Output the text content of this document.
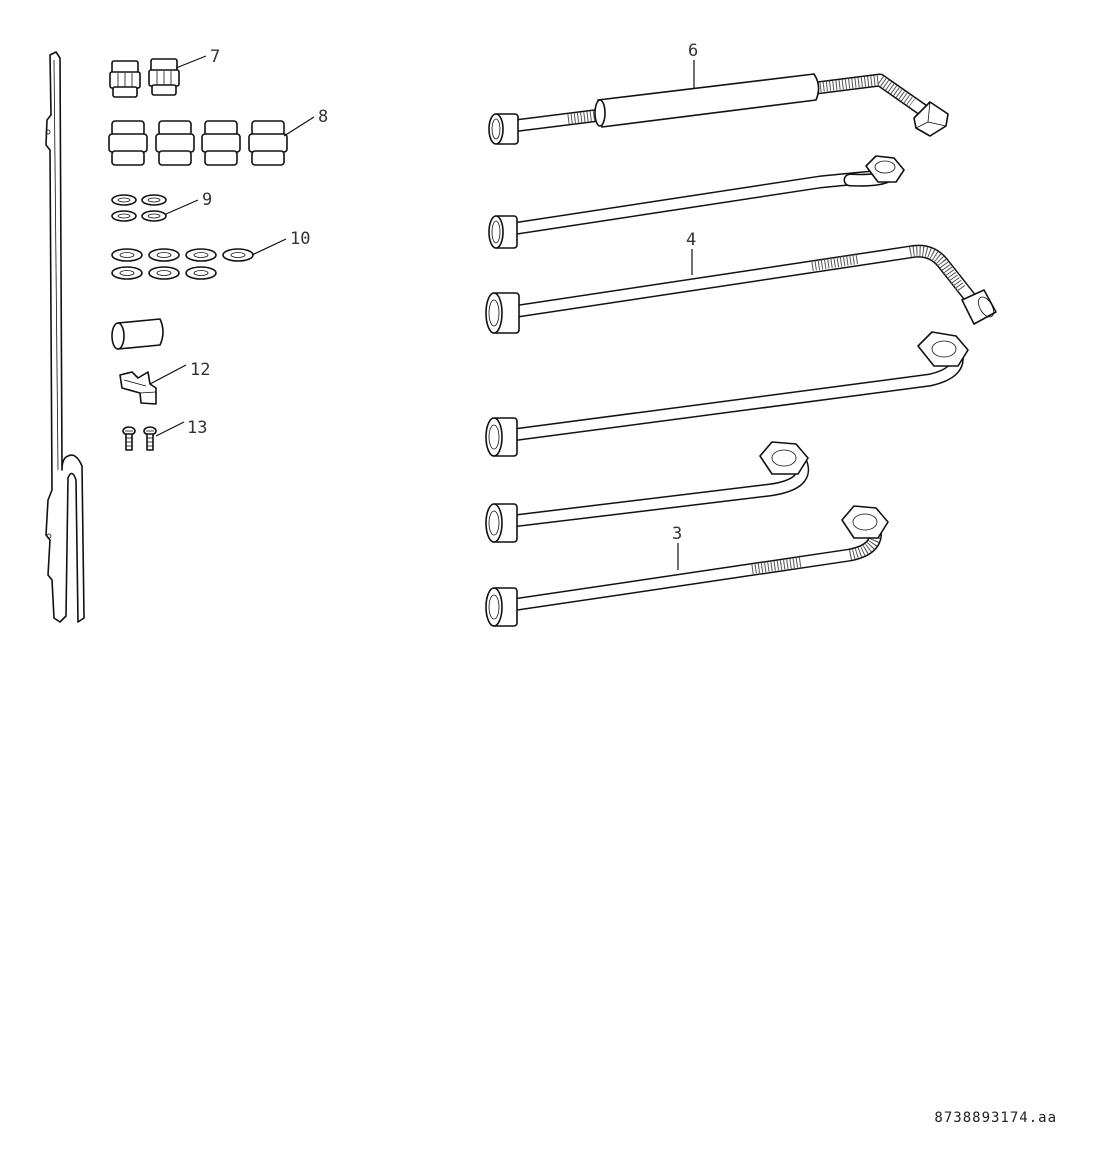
7
8
9
10
12
13
6
4
3
8738893174.aa
